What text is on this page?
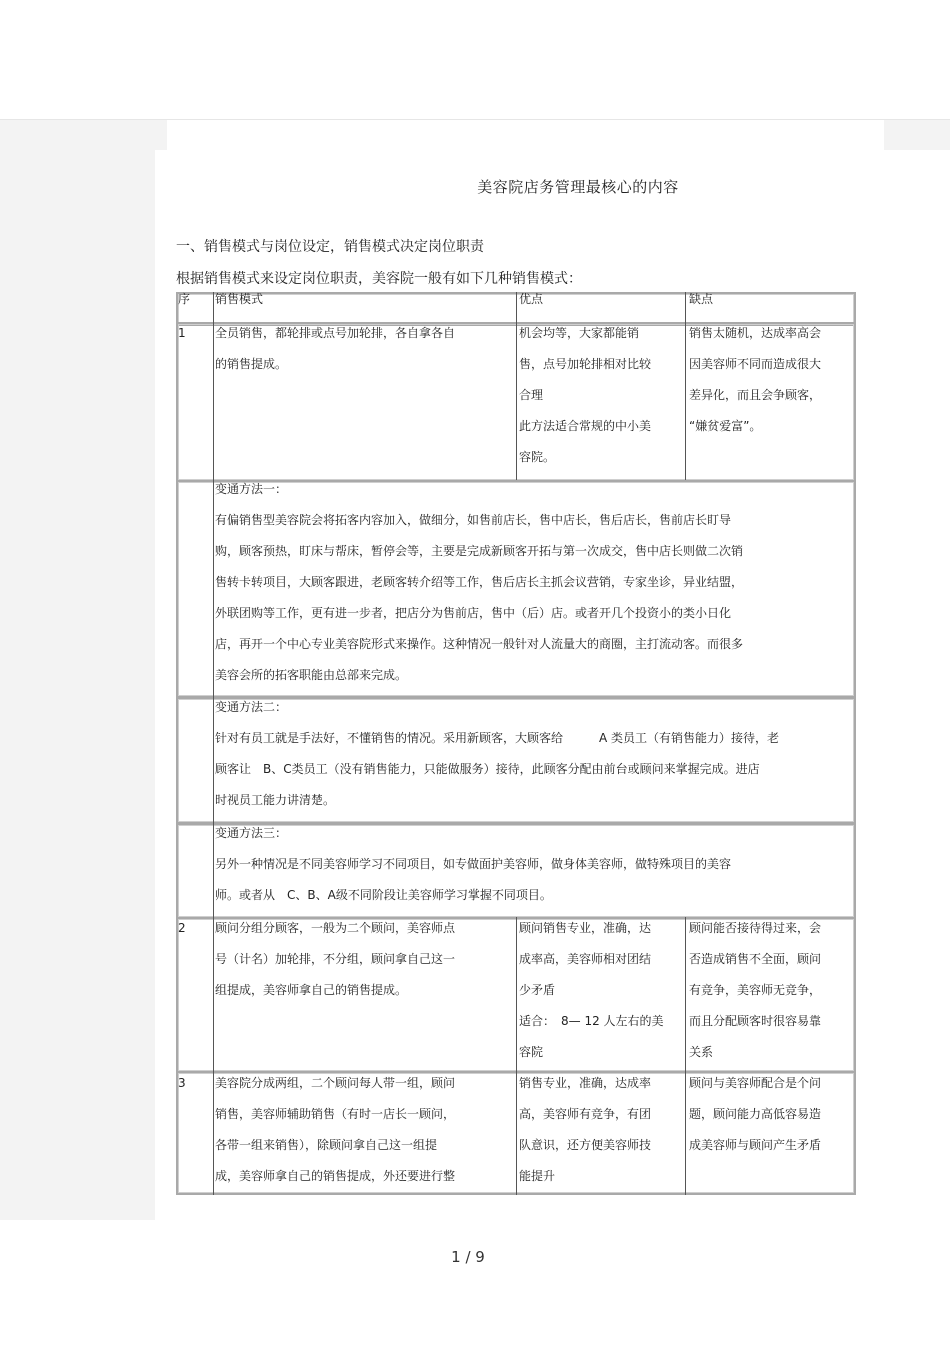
美容院店务管理最核心的内容
一、销售模式与岗位设定，销售模式决定岗位职责
根据销售模式来设定岗位职责，美容院一般有如下几种销售模式：
序 销售模式	优点	缺点
1 全员销售，都轮排或点号加轮排，各自拿各自
的销售提成。
机会均等，大家都能销
售，点号加轮排相对比较
合理
此方法适合常规的中小美
容院。
销售太随机，达成率高会
因美容师不同而造成很大
差异化，而且会争顾客，
“嫌贫爱富”。
变通方法一：
有偏销售型美容院会将拓客内容加入，做细分，如售前店长，售中店长，售后店长，售前店长盯导
购，顾客预热，盯床与帮床，暂停会等，主要是完成新顾客开拓与第一次成交，售中店长则做二次销
售转卡转项目，大顾客跟进，老顾客转介绍等工作，售后店长主抓会议营销，专家坐诊，异业结盟，
外联团购等工作，更有进一步者，把店分为售前店，售中（后）店。或者开几个投资小的类小日化
店，再开一个中心专业美容院形式来操作。这种情况一般针对人流量大的商圈，主打流动客。而很多
美容会所的拓客职能由总部来完成。
变通方法二：
针对有员工就是手法好，不懂销售的情况。采用新顾客，大顾客给　　　A 类员工（有销售能力）接待，老
顾客让　B、C类员工（没有销售能力，只能做服务）接待，此顾客分配由前台或顾问来掌握完成。进店
时视员工能力讲清楚。
变通方法三：
另外一种情况是不同美容师学习不同项目，如专做面护美容师，做身体美容师，做特殊项目的美容
师。或者从　C、B、A级不同阶段让美容师学习掌握不同项目。
2 顾问分组分顾客，一般为二个顾问，美容师点
号（计名）加轮排，不分组，顾问拿自己这一
组提成，美容师拿自己的销售提成。
顾问销售专业，准确，达
成率高，美容师相对团结
少矛盾
适合：　8— 12 人左右的美
容院
顾问能否接待得过来，会
否造成销售不全面，顾问
有竞争，美容师无竞争，
而且分配顾客时很容易靠
关系
3 美容院分成两组，二个顾问每人带一组，顾问
销售，美容师辅助销售（有时一店长一顾问，
各带一组来销售），除顾问拿自己这一组提
成，美容师拿自己的销售提成，外还要进行整
销售专业，准确，达成率
高，美容师有竞争，有团
队意识，还方便美容师技
能提升
顾问与美容师配合是个问
题，顾问能力高低容易造
成美容师与顾问产生矛盾
1 / 9
